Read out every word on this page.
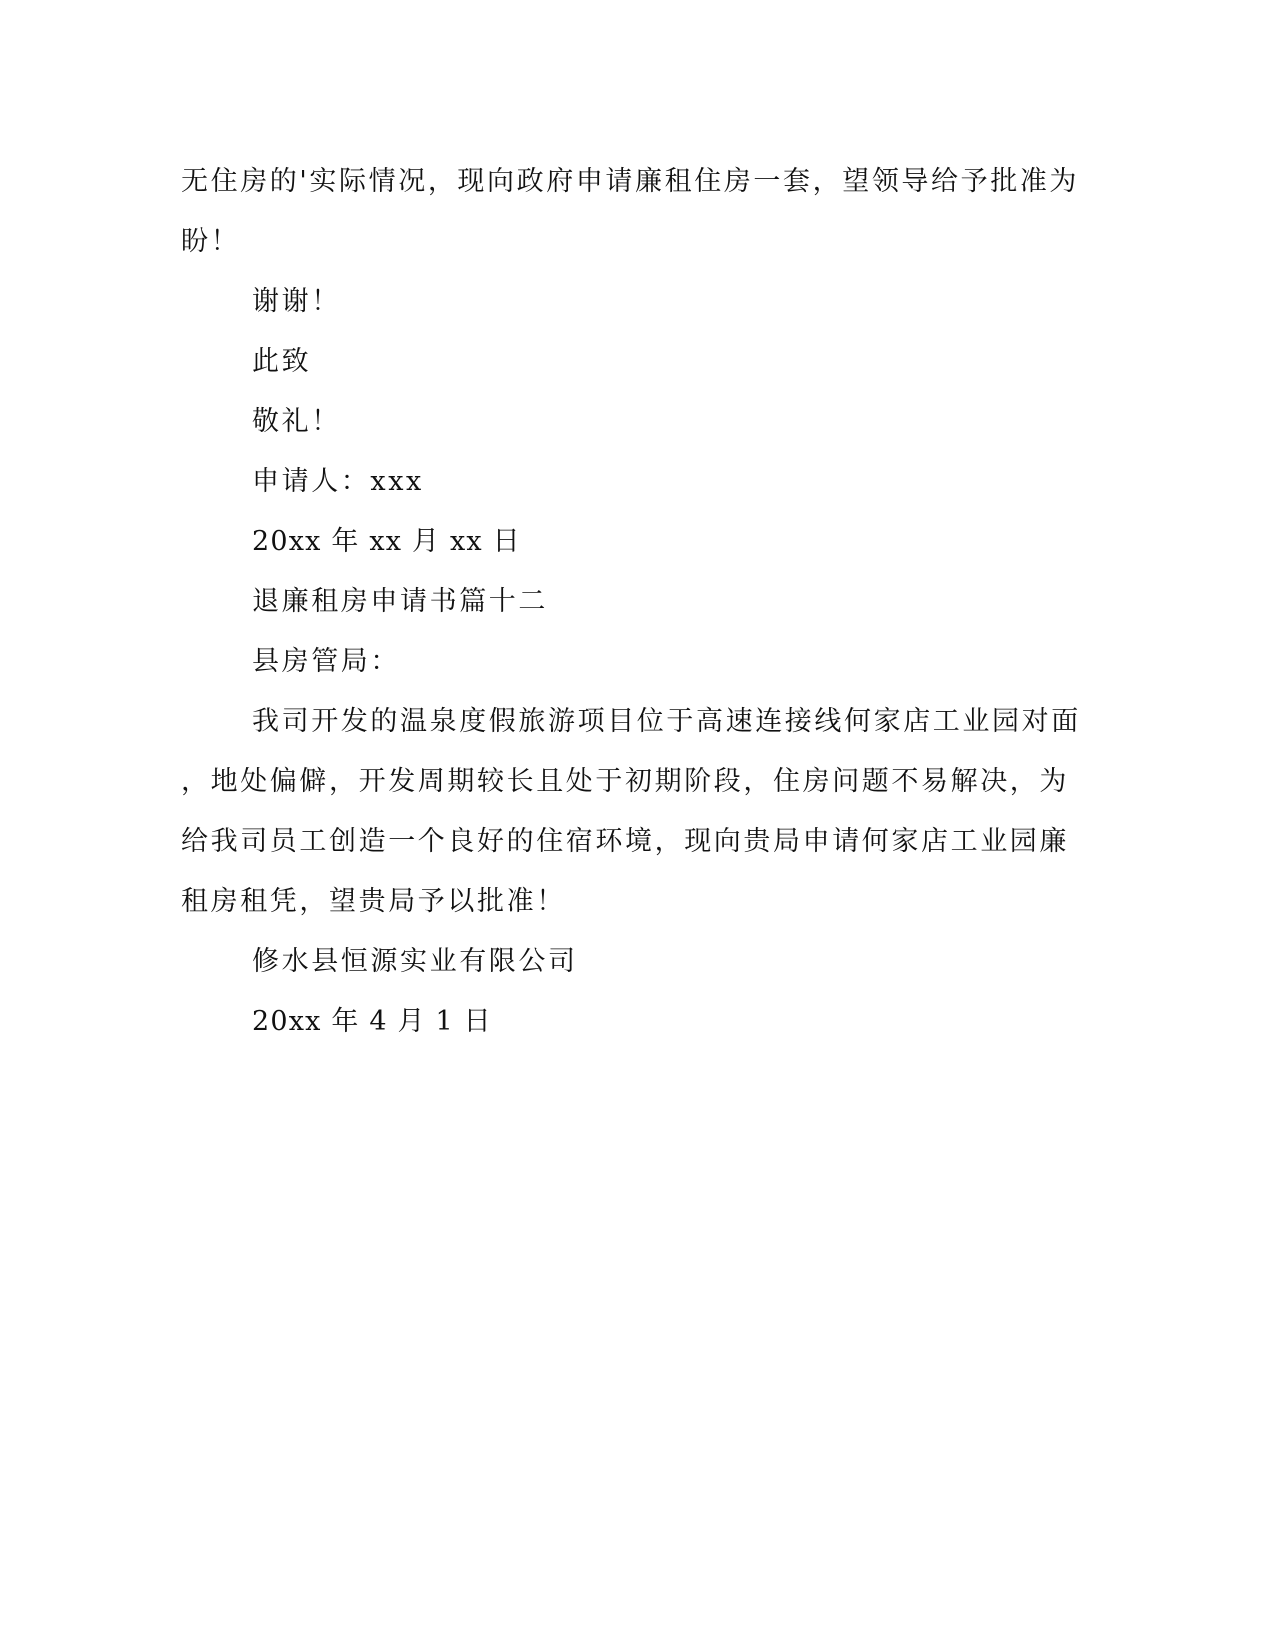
无住房的'实际情况，现向政府申请廉租住房一套，望领导给予批准为
盼！
谢谢！
此致
敬礼！
申请人：xxx
20xx 年 xx 月 xx 日
退廉租房申请书篇十二
县房管局：
我司开发的温泉度假旅游项目位于高速连接线何家店工业园对面
，地处偏僻，开发周期较长且处于初期阶段，住房问题不易解决，为
给我司员工创造一个良好的住宿环境，现向贵局申请何家店工业园廉
租房租凭，望贵局予以批准！
修水县恒源实业有限公司
20xx 年 4 月 1 日
